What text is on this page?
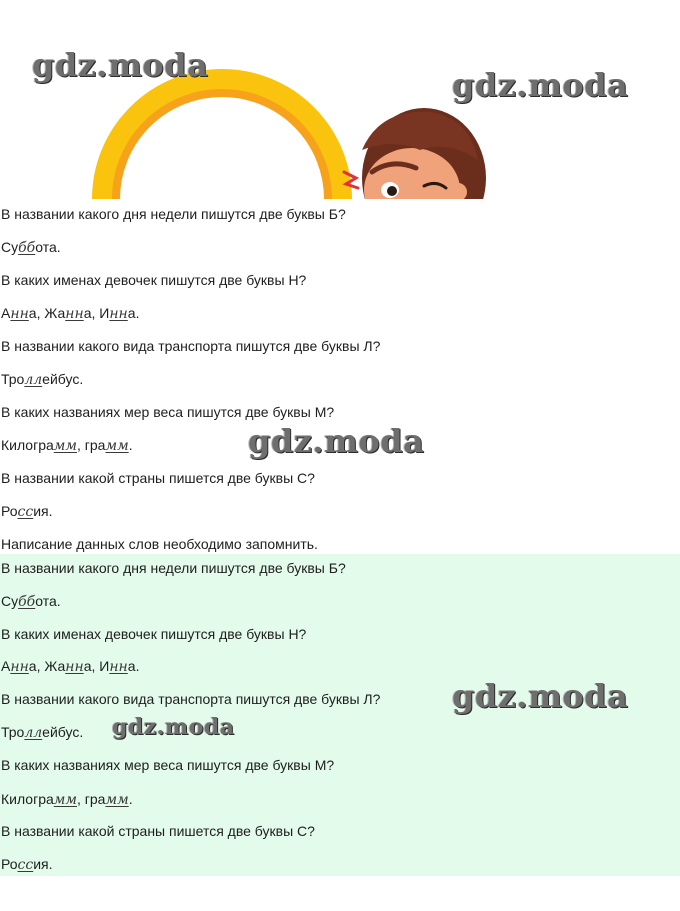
В названии какого дня недели пишутся две буквы Б?
Суббота.
В каких именах девочек пишутся две буквы Н?
Анна, Жанна, Инна.
В названии какого вида транспорта пишутся две буквы Л?
Троллейбус.
В каких названиях мер веса пишутся две буквы М?
Килограмм, грамм.
В названии какой страны пишется две буквы С?
Россия.
Написание данных слов необходимо запомнить.
В названии какого дня недели пишутся две буквы Б?
Суббота.
В каких именах девочек пишутся две буквы Н?
Анна, Жанна, Инна.
В названии какого вида транспорта пишутся две буквы Л?
Троллейбус.
В каких названиях мер веса пишутся две буквы М?
Килограмм, грамм.
В названии какой страны пишется две буквы С?
Россия.
gdz.moda
gdz.moda
gdz.moda
gdz.moda
gdz.moda
